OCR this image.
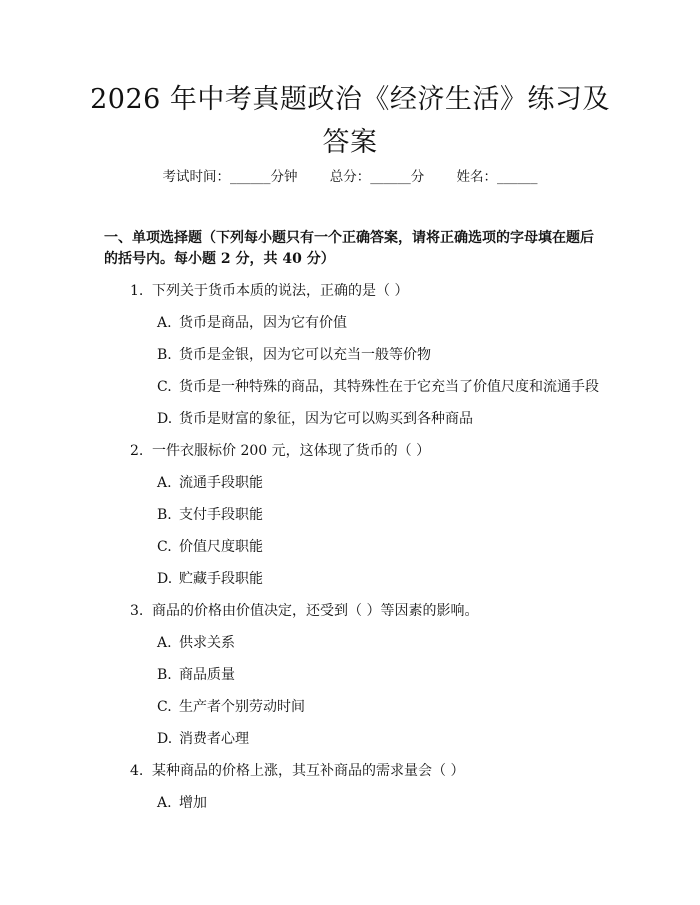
2026 年中考真题政治《经济生活》练习及答案
考试时间：______分钟 总分：______分 姓名：______
一、单项选择题（下列每小题只有一个正确答案，请将正确选项的字母填在题后的括号内。每小题 2 分，共 40 分）
1. 下列关于货币本质的说法，正确的是（ ）
A. 货币是商品，因为它有价值
B. 货币是金银，因为它可以充当一般等价物
C. 货币是一种特殊的商品，其特殊性在于它充当了价值尺度和流通手段
D. 货币是财富的象征，因为它可以购买到各种商品
2. 一件衣服标价 200 元，这体现了货币的（ ）
A. 流通手段职能
B. 支付手段职能
C. 价值尺度职能
D. 贮藏手段职能
3. 商品的价格由价值决定，还受到（ ）等因素的影响。
A. 供求关系
B. 商品质量
C. 生产者个别劳动时间
D. 消费者心理
4. 某种商品的价格上涨，其互补商品的需求量会（ ）
A. 增加
